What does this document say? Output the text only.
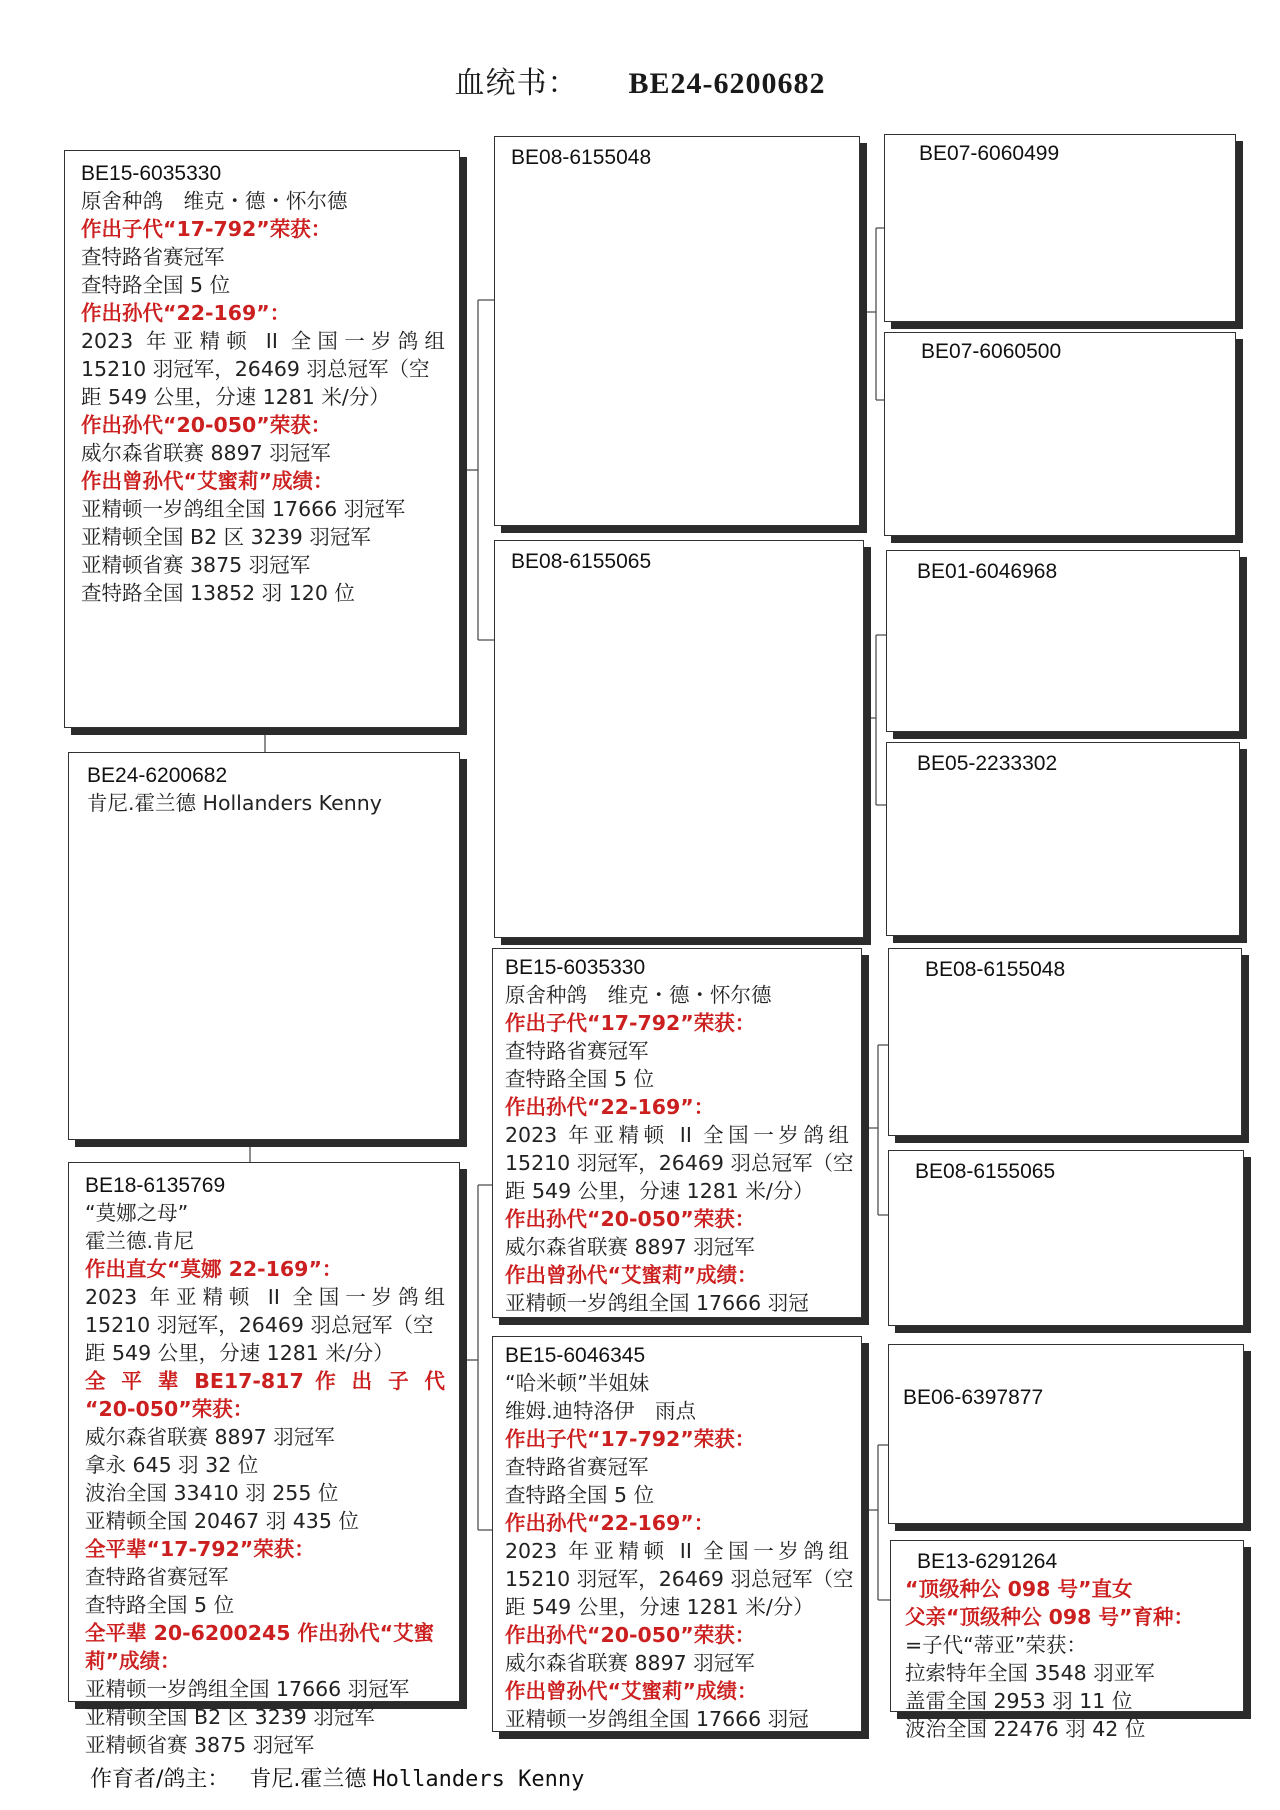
血统书： BE24-6200682
BE15-6035330
原舍种鸽　维克・德・怀尔德
作出子代“17-792”荣获：
查特路省赛冠军
查特路全国 5 位
作出孙代“22-169”：
2023 年亚精顿 II 全国一岁鸽组
15210 羽冠军，26469 羽总冠军（空
距 549 公里，分速 1281 米/分）
作出孙代“20-050”荣获：
威尔森省联赛 8897 羽冠军
作出曾孙代“艾蜜莉”成绩：
亚精顿一岁鸽组全国 17666 羽冠军
亚精顿全国 B2 区 3239 羽冠军
亚精顿省赛 3875 羽冠军
查特路全国 13852 羽 120 位
BE24-6200682
肯尼.霍兰德 Hollanders Kenny
BE18-6135769
“莫娜之母”
霍兰德.肯尼
作出直女“莫娜 22-169”：
2023 年亚精顿 II 全国一岁鸽组
15210 羽冠军，26469 羽总冠军（空
距 549 公里，分速 1281 米/分）
全 平 辈 BE17-817 作 出 子 代
“20-050”荣获：
威尔森省联赛 8897 羽冠军
拿永 645 羽 32 位
波治全国 33410 羽 255 位
亚精顿全国 20467 羽 435 位
全平辈“17-792”荣获：
查特路省赛冠军
查特路全国 5 位
全平辈 20-6200245 作出孙代“艾蜜
莉”成绩：
亚精顿一岁鸽组全国 17666 羽冠军
亚精顿全国 B2 区 3239 羽冠军
亚精顿省赛 3875 羽冠军
BE08-6155048
BE08-6155065
BE15-6035330
原舍种鸽　维克・德・怀尔德
作出子代“17-792”荣获：
查特路省赛冠军
查特路全国 5 位
作出孙代“22-169”：
2023 年亚精顿 II 全国一岁鸽组
15210 羽冠军，26469 羽总冠军（空
距 549 公里，分速 1281 米/分）
作出孙代“20-050”荣获：
威尔森省联赛 8897 羽冠军
作出曾孙代“艾蜜莉”成绩：
亚精顿一岁鸽组全国 17666 羽冠
BE15-6046345
“哈米顿”半姐妹
维姆.迪特洛伊　雨点
作出子代“17-792”荣获：
查特路省赛冠军
查特路全国 5 位
作出孙代“22-169”：
2023 年亚精顿 II 全国一岁鸽组
15210 羽冠军，26469 羽总冠军（空
距 549 公里，分速 1281 米/分）
作出孙代“20-050”荣获：
威尔森省联赛 8897 羽冠军
作出曾孙代“艾蜜莉”成绩：
亚精顿一岁鸽组全国 17666 羽冠
BE07-6060499
BE07-6060500
BE01-6046968
BE05-2233302
BE08-6155048
BE08-6155065
BE06-6397877
BE13-6291264
“顶级种公 098 号”直女
父亲“顶级种公 098 号”育种：
=子代“蒂亚”荣获：
拉索特年全国 3548 羽亚军
盖雷全国 2953 羽 11 位
波治全国 22476 羽 42 位
作育者/鸽主： 肯尼.霍兰德 Hollanders Kenny
